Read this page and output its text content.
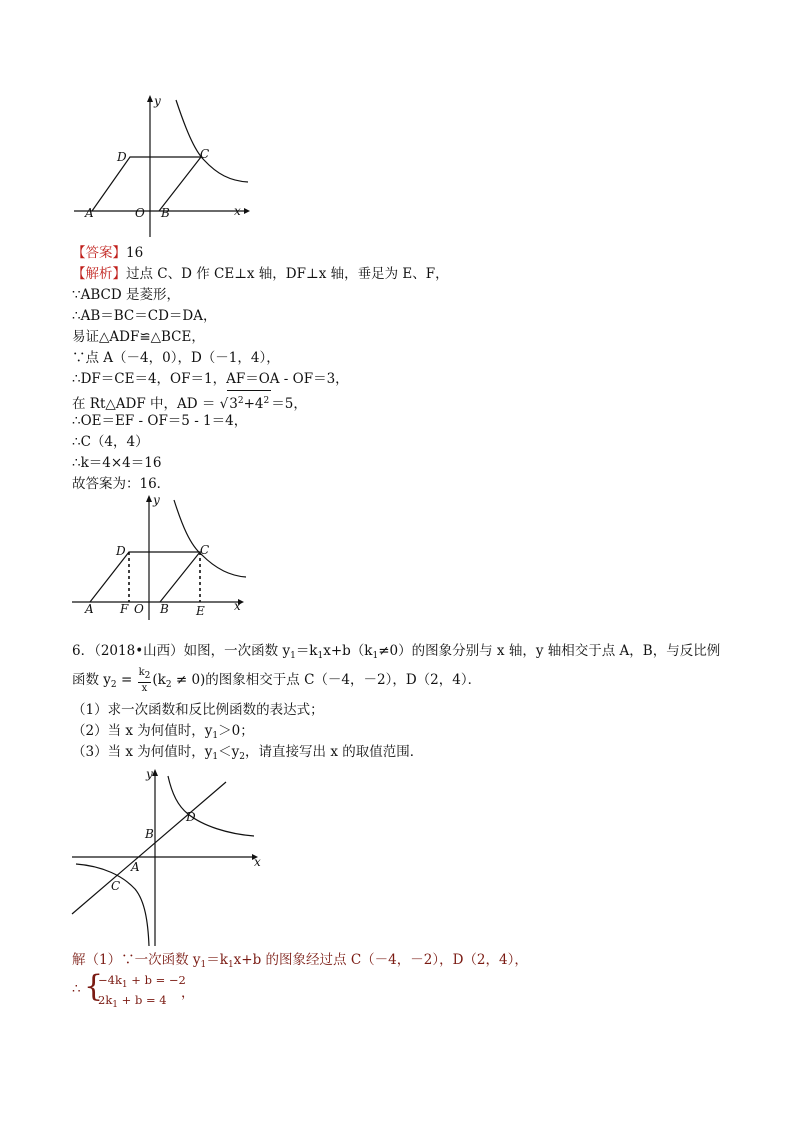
y
x
D	C
A	O B
【答案】16
【解析】过点 C、D 作 CE⊥x 轴，DF⊥x 轴，垂足为 E、F，
∵ABCD 是菱形，
∴AB＝BC＝CD＝DA，
易证△ADF≌△BCE，
∵点 A（－4，0），D（－1，4），
∴DF＝CE＝4，OF＝1，AF＝OA - OF＝3，
在 Rt△ADF 中，AD ＝ $√3^2+4^2 =5$，
∴OE＝EF - OF＝5 - 1＝4，
∴C（4，4）
∴k＝4×4＝16
故答案为：16．
y
x
D	C
A F O B E
6．（2018•山西）如图，一次函数 $y_1=k_1x+b(k_1\ne 0)$的图象分别与 x 轴，y 轴相交于点 A，B，与反比例
函数 $y_2 = \frac{k_2}{x} (k_2 \ne 0)$的图象相交于点 C（－4，－2），D（2，4）．
（1）求一次函数和反比例函数的表达式；
（2）当 x 为何值时，$y_1>0$；
（3）当 x 为何值时，$y_1<y_2$，请直接写出 x 的取值范围．
y
x
D
B
A
C
解（1）∵一次函数 $y_1=k_1x+b$ 的图象经过点 C（－4，－2），D（2，4），
∴ {
$-4k_1 + b = -2$
$2k_1 + b = 4$	，
